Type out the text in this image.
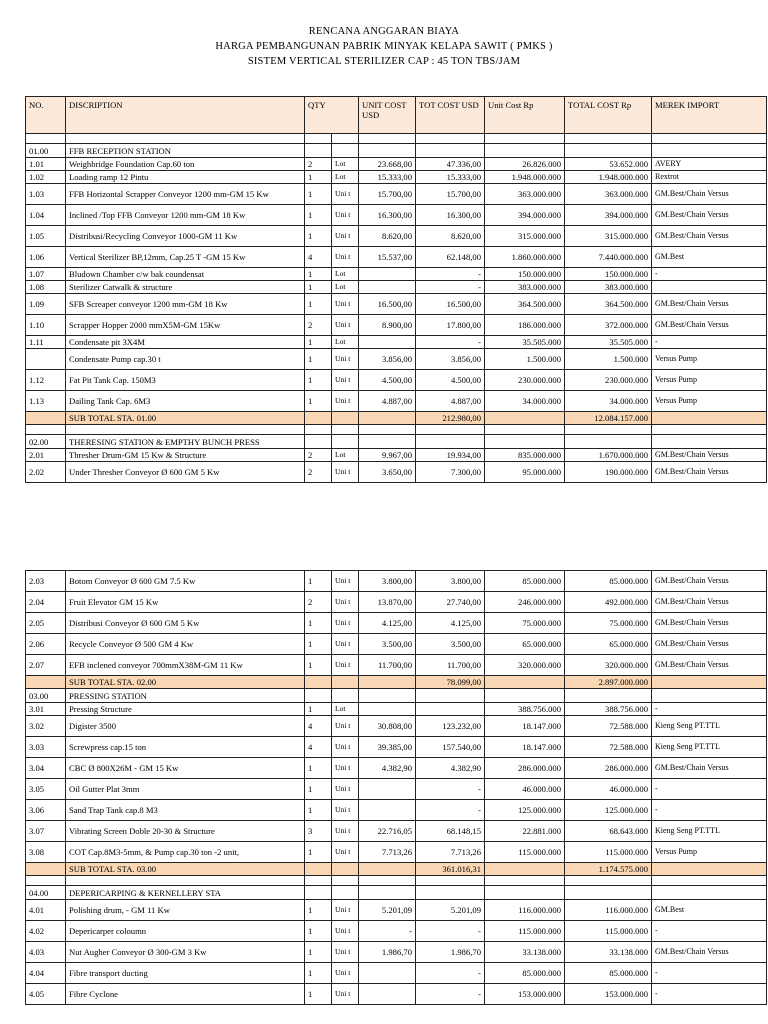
RENCANA ANGGARAN BIAYA
HARGA PEMBANGUNAN PABRIK MINYAK KELAPA SAWIT ( PMKS )
SISTEM VERTICAL STERILIZER CAP : 45 TON TBS/JAM
NO.	DISCRIPTION	QTY		UNIT COST USD	TOT COST USD	Unit Cost Rp	TOTAL COST Rp	MEREK IMPORT

01.00	FFB RECEPTION STATION							
1.01	Weighbridge Foundation Cap.60 ton	2	Lot	23.668,00	47.336,00	26.826.000	53.652.000	AVERY
1.02	Loading ramp 12 Pintu	1	Lot	15.333,00	15.333,00	1.948.000.000	1.948.000.000	Rextrot
1.03	FFB Horizontal Scrapper Conveyor 1200 mm-GM 15 Kw	1	Uni t	15.700,00	15.700,00	363.000.000	363.000.000	GM.Best/Chain Versus
1.04	Inclined /Top FFB Conveyor 1200 mm-GM 18 Kw	1	Uni t	16.300,00	16.300,00	394.000.000	394.000.000	GM.Best/Chain Versus
1.05	Distribusi/Recycling Conveyor 1000-GM 11 Kw	1	Uni t	8.620,00	8.620,00	315.000.000	315.000.000	GM.Best/Chain Versus
1.06	Vertical Sterilizer BP,12mm, Cap.25 T -GM 15 Kw	4	Uni t	15.537,00	62.148,00	1.860.000.000	7.440.000.000	GM.Best
1.07	Bludown Chamber c/w bak coundensat	1	Lot		-	150.000.000	150.000.000	-
1.08	Sterilizer Catwalk & structure	1	Lot		-	383.000.000	383.000.000	
1.09	SFB Screaper conveyor 1200 mm-GM 18 Kw	1	Uni t	16.500,00	16.500,00	364.500.000	364.500.000	GM.Best/Chain Versus
1.10	Scrapper Hopper 2000 mmX5M-GM 15Kw	2	Uni t	8.900,00	17.800,00	186.000.000	372.000.000	GM.Best/Chain Versus
1.11	Condensate pit 3X4M	1	Lot		-	35.505.000	35.505.000	-
	Condensate Pump cap.30 t	1	Uni t	3.856,00	3.856,00	1.500.000	1.500.000	Versus Pump
1.12	Fat Pit Tank Cap. 150M3	1	Uni t	4.500,00	4.500,00	230.000.000	230.000.000	Versus Pump
1.13	Dailing Tank Cap. 6M3	1	Uni t	4.887,00	4.887,00	34.000.000	34.000.000	Versus Pump
	SUB TOTAL STA. 01.00				212.980,00		12.084.157.000	

02.00	THERESING STATION & EMPTHY BUNCH PRESS							
2.01	Thresher Drum-GM 15 Kw & Structure	2	Lot	9.967,00	19.934,00	835.000.000	1.670.000.000	GM.Best/Chain Versus
2.02	Under Thresher Conveyor Ø 600 GM 5 Kw	2	Uni t	3.650,00	7.300,00	95.000.000	190.000.000	GM.Best/Chain Versus
2.03	Botom Conveyor Ø 600 GM 7.5 Kw	1	Uni t	3.800,00	3.800,00	85.000.000	85.000.000	GM.Best/Chain Versus
2.04	Fruit Elevator GM 15 Kw	2	Uni t	13.870,00	27.740,00	246.000.000	492.000.000	GM.Best/Chain Versus
2.05	Distribusi Conveyor Ø 600 GM 5 Kw	1	Uni t	4.125,00	4.125,00	75.000.000	75.000.000	GM.Best/Chain Versus
2.06	Recycle Conveyor Ø 500 GM 4 Kw	1	Uni t	3.500,00	3.500,00	65.000.000	65.000.000	GM.Best/Chain Versus
2.07	EFB inclened conveyor 700mmX38M-GM 11 Kw	1	Uni t	11.700,00	11.700,00	320.000.000	320.000.000	GM.Best/Chain Versus
	SUB TOTAL STA. 02.00				78.099,00		2.897.000.000	
03.00	PRESSING STATION							
3.01	Pressing Structure	1	Lot			388.756.000	388.756.000	-
3.02	Digister 3500	4	Uni t	30.808,00	123.232,00	18.147.000	72.588.000	Kieng Seng PT.TTL
3.03	Screwpress cap.15 ton	4	Uni t	39.385,00	157.540,00	18.147.000	72.588.000	Kieng Seng PT.TTL
3.04	CBC Ø 800X26M - GM 15 Kw	1	Uni t	4.382,90	4.382,90	286.000.000	286.000.000	GM.Best/Chain Versus
3.05	Oil Gutter Plat 3mm	1	Uni t		-	46.000.000	46.000.000	-
3.06	Sand Trap Tank cap.8 M3	1	Uni t		-	125.000.000	125.000.000	-
3.07	Vibrating Screen Doble 20-30 & Structure	3	Uni t	22.716,05	68.148,15	22.881.000	68.643.000	Kieng Seng PT.TTL
3.08	COT Cap.8M3-5mm, & Pump cap.30 ton -2 unit,	1	Uni t	7.713,26	7.713,26	115.000.000	115.000.000	Versus Pump
	SUB TOTAL STA. 03.00				361.016,31		1.174.575.000	

04.00	DEPERICARPING & KERNELLERY STA							
4.01	Polishing drum, - GM 11 Kw	1	Uni t	5.201,09	5.201,09	116.000.000	116.000.000	GM.Best
4.02	Depericarper coloumn	1	Uni t	-	-	115.000.000	115.000.000	-
4.03	Nut Augher Conveyor Ø 300-GM 3 Kw	1	Uni t	1.986,70	1.986,70	33.138.000	33.138.000	GM.Best/Chain Versus
4.04	Fibre transport ducting	1	Uni t		-	85.000.000	85.000.000	-
4.05	Fibre Cyclone	1	Uni t		-	153.000.000	153.000.000	-
